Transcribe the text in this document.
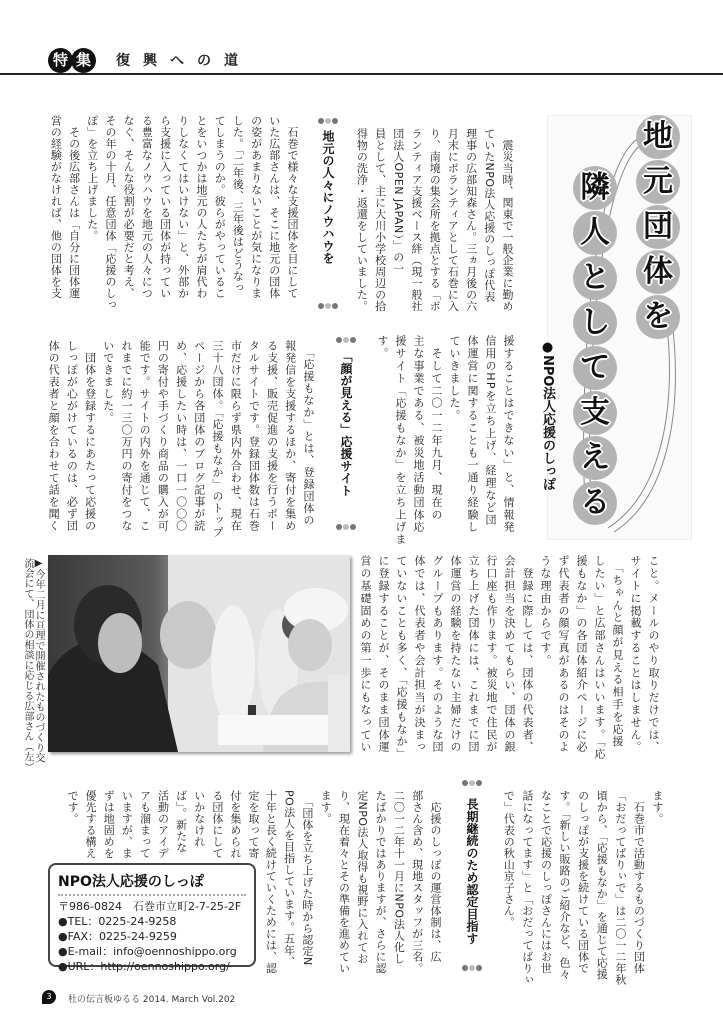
特 集	復興への道
地
元
団
体
を
隣
人
と
し
て
支
え
る
●NPO法人応援のしっぽ
　震災当時、関東で一般企業に勤め
ていたNPO法人応援のしっぽ代表
理事の広部知森さん。三ヵ月後の六
月末にボランティアとして石巻に入
り、南境の集会所を拠点とする「ボ
ランティア支援ベース絆（現一般社
団法人OPEN JAPAN）」の一
員として、主に大川小学校周辺の拾
得物の洗浄・返還をしていました。
地元の人々にノウハウを
　石巻で様々な支援団体を目にして
いた広部さんは、そこに地元の団体
の姿があまりないことが気になりま
した。「二年後、三年後はどうなっ
てしまうのか。彼らがやっているこ
とをいつかは地元の人たちが肩代わ
りしなくてはいけない」と、外部か
ら支援に入っている団体が持ってい
る豊富なノウハウを地元の人々につ
なぐ、そんな役割が必要だと考え、
その年の十月、任意団体「応援のしっ
ぽ」を立ち上げました。
　その後広部さんは「自分に団体運
営の経験がなければ、他の団体を支
援することはできない」と、情報発
信用のHPを立ち上げ、経理など団
体運営に関することも一通り経験し
ていきました。
　そして二〇一二年九月、現在の
主な事業である、被災地活動団体応
援サイト「応援もなか」を立ち上げま
す。
「顔が見える」応援サイト
　「応援もなか」とは、登録団体の
報発信を支援するほか、寄付を集め
る支援、販売促進の支援を行うポー
タルサイトです。登録団体数は石巻
市だけに限らず県内外合わせ、現在
三十八団体。「応援もなか」のトップ
ページから各団体のブログ記事が読
め、応援したい時は、一口一〇〇〇
円の寄付や手づくり商品の購入が可
能です。サイトの内外を通じて、こ
れまでに約一三〇万円の寄付をつな
いできました。
　団体を登録するにあたって応援の
しっぽが心がけているのは、必ず団
体の代表者と顔を合わせて話を聞く
▶今年二月に亘理で開催されたものづくり交
流会にて、団体の相談に応じる広部さん（左）	こと。メールのやり取りだけでは、
サイトに掲載することはしません。
　「ちゃんと顔が見える相手を応援
したい」と広部さんはいいます。「応
援もなか」の各団体紹介ページに必
ず代表者の顔写真があるのはそのよ
うな理由からです。
　登録に際しては、団体の代表者、
会計担当を決めてもらい、団体の銀
行口座も作ります。被災地で住民が
立ち上げた団体には、これまでに団
体運営の経験を持たない主婦だけの
グループもあります。そのような団
体では、代表者や会計担当が決まっ
ていないことも多く、「応援もなか」
に登録することが、そのまま団体運
営の基礎固めの第一歩にもなってい
ます。
　石巻市で活動するものづくり団体
「おだってばりぃで」は二〇一二年秋
頃から、「応援もなか」を通じて応援
のしっぽが支援を続けている団体で
す。「新しい販路のご紹介など、色々
なことで応援のしっぽさんにはお世
話になってます」と「おだってばりぃ
で」代表の秋山京子さん。
長期継続のため認定目指す
　応援のしっぽの運営体制は、広
部さん含め、現地スタッフが三名。
二〇一二年十一月にNPO法人化し
たばかりではありますが、さらに認
定NPO法人取得も視野に入れてお
り、現在着々とその準備を進めてい
ます。
　「団体を立ち上げた時から認定N
PO法人を目指しています。五年、
十年と長く続けていくためには、認
定を取って寄
付を集められ
る団体にして
いかなけれ
ば」。新たな
活動のアイデ
アも溜まって
いますが、ま
ずは地固めを
優先する構え
です。
NPO法人応援のしっぽ
〒986-0824　石巻市立町2-7-25-2F
●TEL：0225-24-9258
●FAX：0225-24-9259
●E-mail：info@oennoshippo.org
●URL：http://oennoshippo.org/
3	杜の伝言板ゆるる 2014. March Vol.202
